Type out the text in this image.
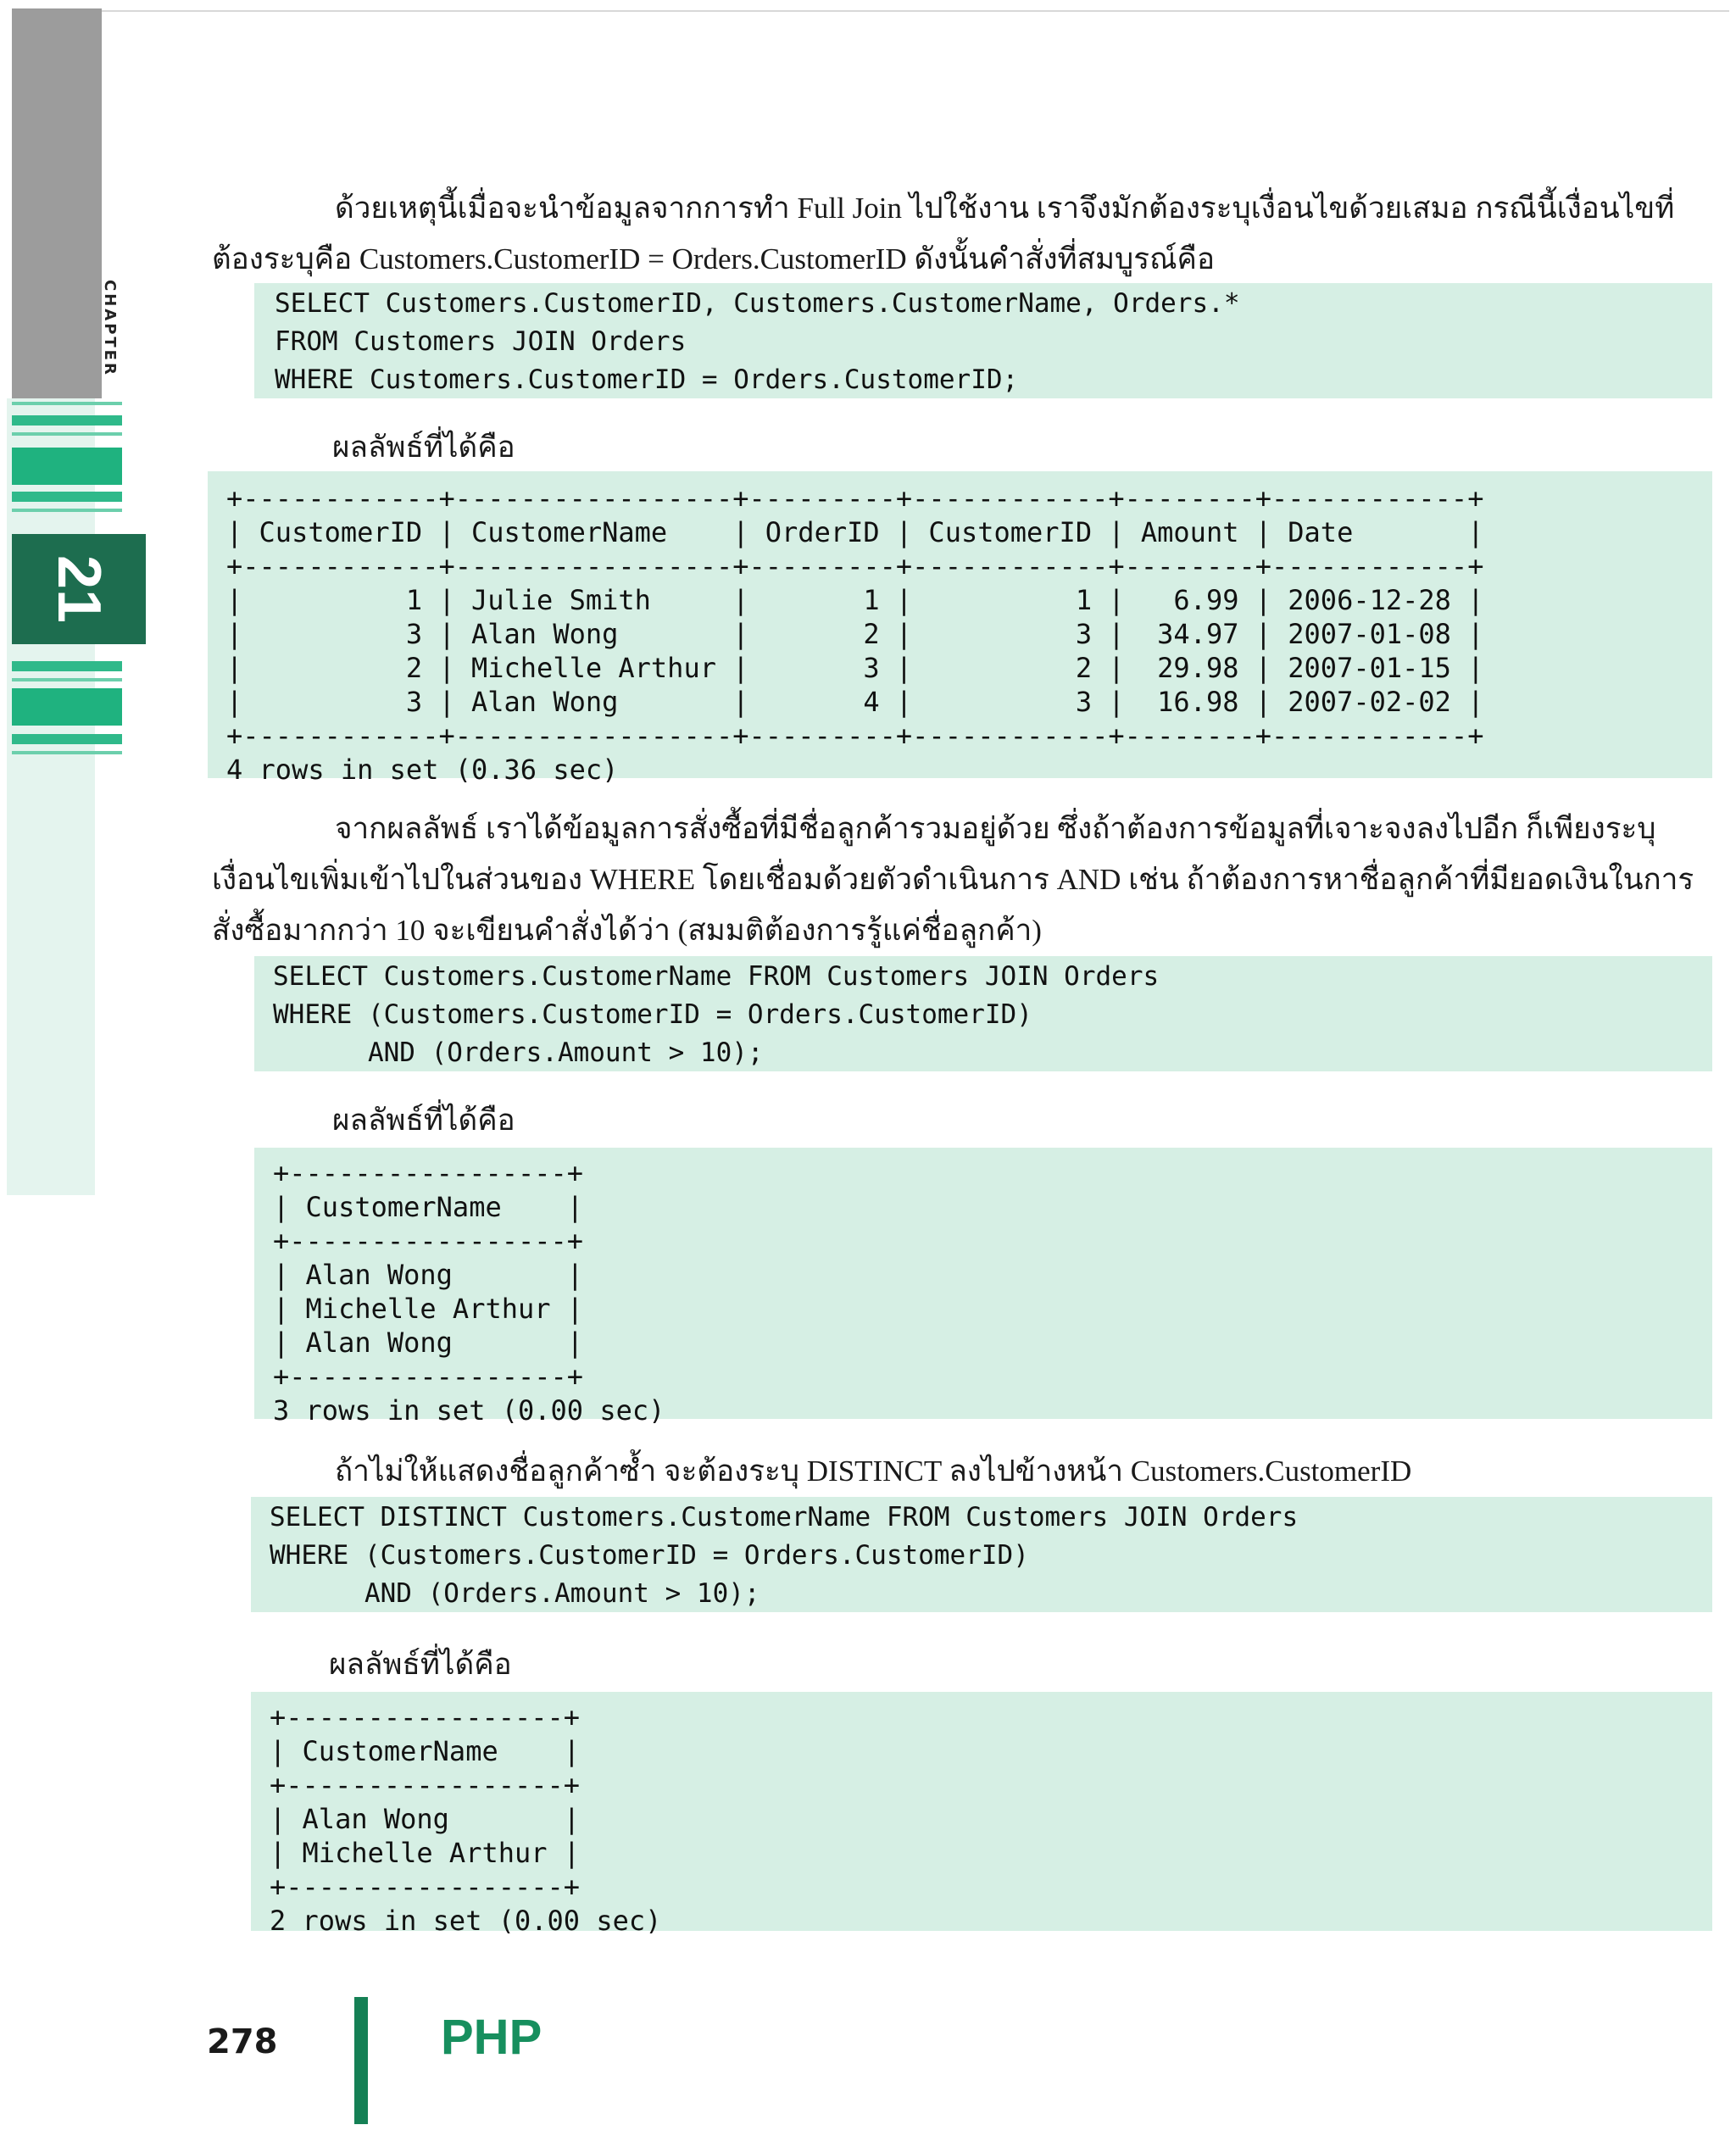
CHAPTER
21

ด้วยเหตุนี้เมื่อจะนำข้อมูลจากการทำ Full Join ไปใช้งาน เราจึงมักต้องระบุเงื่อนไขด้วยเสมอ กรณีนี้เงื่อนไขที่ต้องระบุคือ Customers.CustomerID = Orders.CustomerID ดังนั้นคำสั่งที่สมบูรณ์คือ

SELECT Customers.CustomerID, Customers.CustomerName, Orders.*
FROM Customers JOIN Orders
WHERE Customers.CustomerID = Orders.CustomerID;

ผลลัพธ์ที่ได้คือ

+------------+-----------------+---------+------------+--------+------------+
| CustomerID | CustomerName    | OrderID | CustomerID | Amount | Date       |
+------------+-----------------+---------+------------+--------+------------+
|          1 | Julie Smith     |       1 |          1 |   6.99 | 2006-12-28 |
|          3 | Alan Wong       |       2 |          3 |  34.97 | 2007-01-08 |
|          2 | Michelle Arthur |       3 |          2 |  29.98 | 2007-01-15 |
|          3 | Alan Wong       |       4 |          3 |  16.98 | 2007-02-02 |
+------------+-----------------+---------+------------+--------+------------+
4 rows in set (0.36 sec)

จากผลลัพธ์ เราได้ข้อมูลการสั่งซื้อที่มีชื่อลูกค้ารวมอยู่ด้วย ซึ่งถ้าต้องการข้อมูลที่เจาะจงลงไปอีก ก็เพียงระบุเงื่อนไขเพิ่มเข้าไปในส่วนของ WHERE โดยเชื่อมด้วยตัวดำเนินการ AND เช่น ถ้าต้องการหาชื่อลูกค้าที่มียอดเงินในการสั่งซื้อมากกว่า 10 จะเขียนคำสั่งได้ว่า (สมมติต้องการรู้แค่ชื่อลูกค้า)

SELECT Customers.CustomerName FROM Customers JOIN Orders
WHERE (Customers.CustomerID = Orders.CustomerID)
AND (Orders.Amount > 10);

ผลลัพธ์ที่ได้คือ

+-----------------+
| CustomerName    |
+-----------------+
| Alan Wong       |
| Michelle Arthur |
| Alan Wong       |
+-----------------+
3 rows in set (0.00 sec)

ถ้าไม่ให้แสดงชื่อลูกค้าซ้ำ จะต้องระบุ DISTINCT ลงไปข้างหน้า Customers.CustomerID

SELECT DISTINCT Customers.CustomerName FROM Customers JOIN Orders
WHERE (Customers.CustomerID = Orders.CustomerID)
AND (Orders.Amount > 10);

ผลลัพธ์ที่ได้คือ

+-----------------+
| CustomerName    |
+-----------------+
| Alan Wong       |
| Michelle Arthur |
+-----------------+
2 rows in set (0.00 sec)
278	PHP
